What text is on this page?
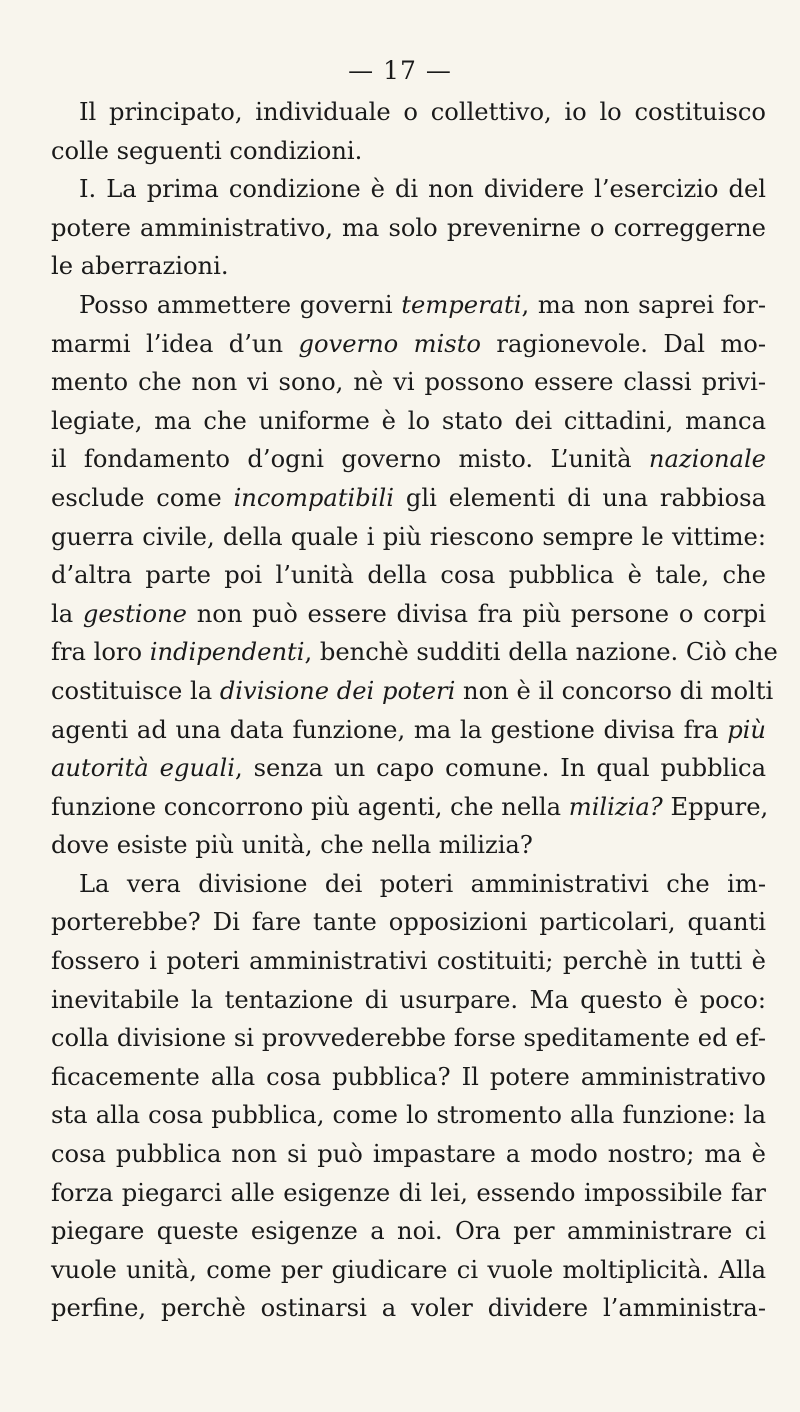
— 17 —
Il principato, individuale o collettivo, io lo costituisco
colle seguenti condizioni.
I. La prima condizione è di non dividere l’esercizio del
potere amministrativo, ma solo prevenirne o correggerne
le aberrazioni.
Posso ammettere governi temperati, ma non saprei for-
marmi l’idea d’un governo misto ragionevole. Dal mo-
mento che non vi sono, nè vi possono essere classi privi-
legiate, ma che uniforme è lo stato dei cittadini, manca
il fondamento d’ogni governo misto. L’unità nazionale
esclude come incompatibili gli elementi di una rabbiosa
guerra civile, della quale i più riescono sempre le vittime:
d’altra parte poi l’unità della cosa pubblica è tale, che
la gestione non può essere divisa fra più persone o corpi
fra loro indipendenti, benchè sudditi della nazione. Ciò che
costituisce la divisione dei poteri non è il concorso di molti
agenti ad una data funzione, ma la gestione divisa fra più
autorità eguali, senza un capo comune. In qual pubblica
funzione concorrono più agenti, che nella milizia? Eppure,
dove esiste più unità, che nella milizia?
La vera divisione dei poteri amministrativi che im-
porterebbe? Di fare tante opposizioni particolari, quanti
fossero i poteri amministrativi costituiti; perchè in tutti è
inevitabile la tentazione di usurpare. Ma questo è poco:
colla divisione si provvederebbe forse speditamente ed ef-
ficacemente alla cosa pubblica? Il potere amministrativo
sta alla cosa pubblica, come lo stromento alla funzione: la
cosa pubblica non si può impastare a modo nostro; ma è
forza piegarci alle esigenze di lei, essendo impossibile far
piegare queste esigenze a noi. Ora per amministrare ci
vuole unità, come per giudicare ci vuole moltiplicità. Alla
perfine, perchè ostinarsi a voler dividere l’amministra-
